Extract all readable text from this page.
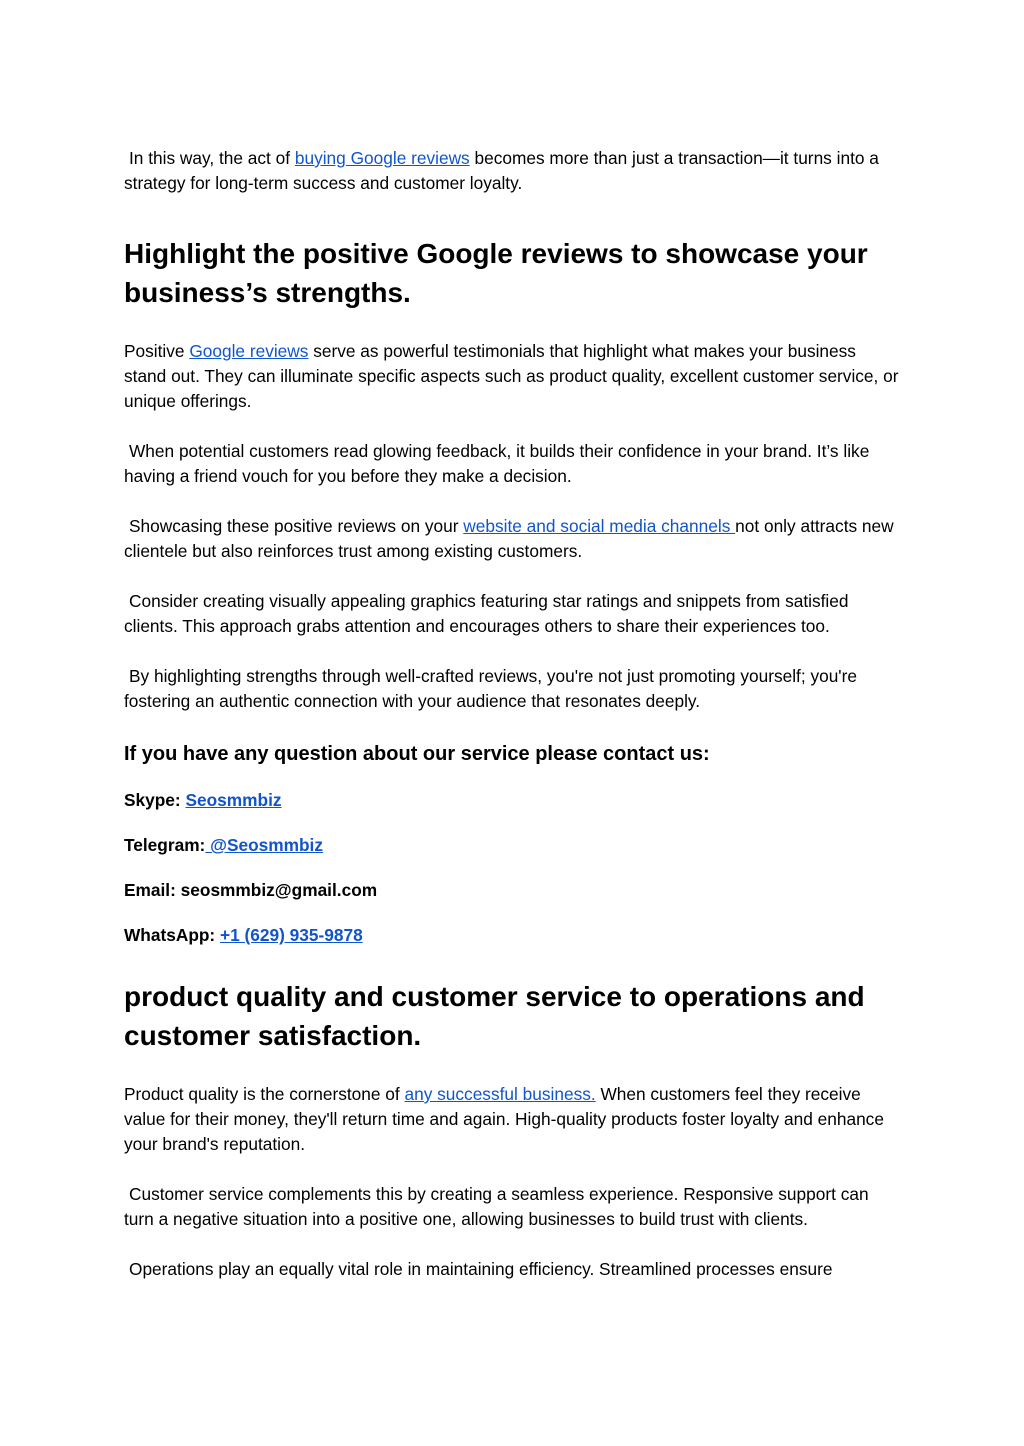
In this way, the act of buying Google reviews becomes more than just a transaction—it turns into a strategy for long-term success and customer loyalty.

Highlight the positive Google reviews to showcase your business’s strengths.

Positive Google reviews serve as powerful testimonials that highlight what makes your business stand out. They can illuminate specific aspects such as product quality, excellent customer service, or unique offerings.

When potential customers read glowing feedback, it builds their confidence in your brand. It’s like having a friend vouch for you before they make a decision.

Showcasing these positive reviews on your website and social media channels not only attracts new clientele but also reinforces trust among existing customers.

Consider creating visually appealing graphics featuring star ratings and snippets from satisfied clients. This approach grabs attention and encourages others to share their experiences too.

By highlighting strengths through well-crafted reviews, you're not just promoting yourself; you're fostering an authentic connection with your audience that resonates deeply.

If you have any question about our service please contact us:

Skype: Seosmmbiz

Telegram: @Seosmmbiz

Email: seosmmbiz@gmail.com

WhatsApp: +1 (629) 935-9878

product quality and customer service to operations and customer satisfaction.

Product quality is the cornerstone of any successful business. When customers feel they receive value for their money, they'll return time and again. High-quality products foster loyalty and enhance your brand's reputation.

Customer service complements this by creating a seamless experience. Responsive support can turn a negative situation into a positive one, allowing businesses to build trust with clients.

Operations play an equally vital role in maintaining efficiency. Streamlined processes ensure
